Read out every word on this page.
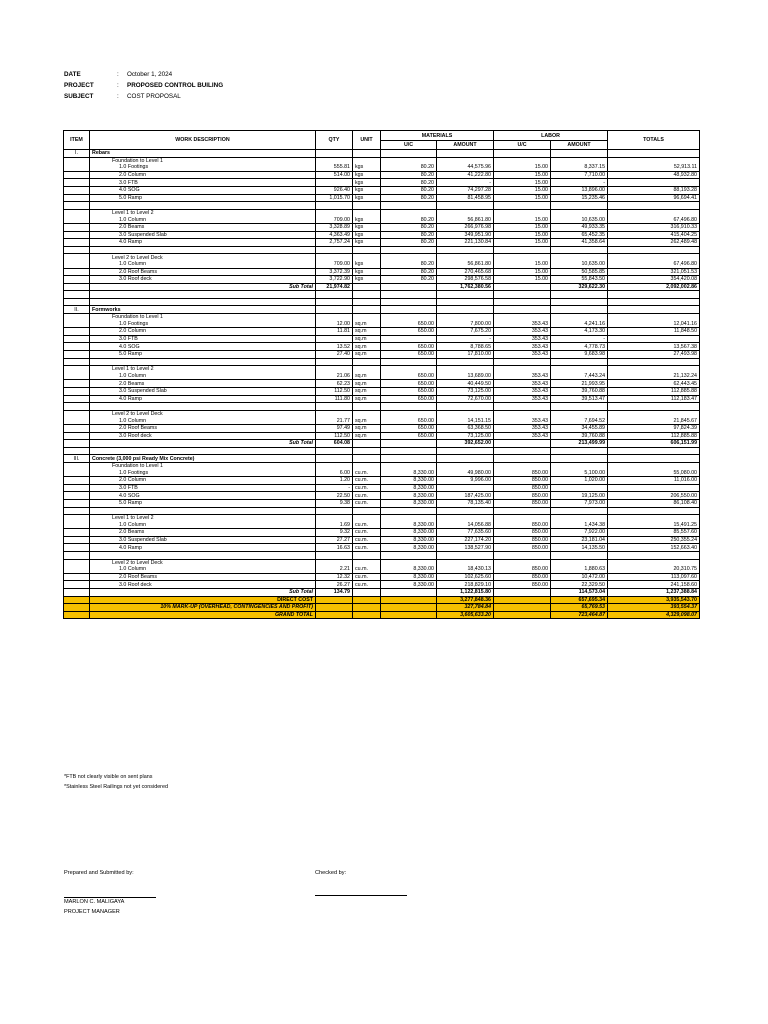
DATE	:	October 1, 2024
PROJECT	:	PROPOSED CONTROL BUILING
SUBJECT	:	COST PROPOSAL
ITEM	WORK DESCRIPTION	QTY	UNIT	MATERIALS		LABOR		TOTALS
				U/C	AMOUNT	U/C	AMOUNT	
I.	Rebars							
	Foundation to Level 1							
	1.0 Footings	555.81	kgs	80.20	44,575.96	15.00	8,337.15	52,913.11
	2.0 Column	514.00	kgs	80.20	41,222.80	15.00	7,710.00	48,932.80
	3.0 FTB		kgs	80.20	-	15.00	-	
	4.0 SOG	926.40	kgs	80.20	74,297.28	15.00	13,896.00	88,193.28
	5.0 Ramp	1,015.70	kgs	80.20	81,458.95	15.00	15,235.46	96,694.41

	Level 1 to Level 2							
	1.0 Column	709.00	kgs	80.20	56,861.80	15.00	10,635.00	67,496.80
	2.0 Beams	3,328.89	kgs	80.20	266,976.98	15.00	49,933.35	316,910.33
	3.0 Suspended Slab	4,363.49	kgs	80.20	349,951.90	15.00	65,452.35	415,404.25
	4.0 Ramp	2,757.24	kgs	80.20	221,130.84	15.00	41,358.64	262,489.48

	Level 2 to Level Deck							
	1.0 Column	709.00	kgs	80.20	56,861.80	15.00	10,635.00	67,496.80
	2.0 Roof Beams	3,372.39	kgs	80.20	270,465.68	15.00	50,585.85	321,051.53
	3.0 Roof deck	3,722.90	kgs	80.20	298,576.58	15.00	55,843.50	354,420.08
	Sub Total	21,974.82			1,762,380.56		329,622.30	2,092,002.86

II.	Formworks							
	Foundation to Level 1							
	1.0 Footings	12.00	sq.m	650.00	7,800.00	353.43	4,241.16	12,041.16
	2.0 Column	11.81	sq.m	650.00	7,675.20	353.43	4,173.30	11,848.50
	3.0 FTB		sq.m		-	353.43	-	
	4.0 SOG	13.52	sq.m	650.00	8,788.65	353.43	4,778.73	13,567.38
	5.0 Ramp	27.40	sq.m	650.00	17,810.00	353.43	9,683.98	27,493.98

	Level 1 to Level 2							
	1.0 Column	21.06	sq.m	650.00	13,689.00	353.43	7,443.24	21,132.24
	2.0 Beams	62.23	sq.m	650.00	40,449.50	353.43	21,993.95	62,443.45
	3.0 Suspended Slab	112.50	sq.m	650.00	73,125.00	353.43	39,760.88	112,885.88
	4.0 Ramp	111.80	sq.m	650.00	72,670.00	353.43	39,513.47	112,183.47

	Level 2 to Level Deck							
	1.0 Column	21.77	sq.m	650.00	14,151.15	353.43	7,694.52	21,845.67
	2.0 Roof Beams	97.49	sq.m	650.00	63,368.50	353.43	34,455.89	97,824.39
	3.0 Roof deck	112.50	sq.m	650.00	73,125.00	353.43	39,760.88	112,885.88
	Sub Total	604.08			392,652.00		213,499.99	606,151.99

III.	Concrete (3,000 psi Ready Mix Concrete)							
	Foundation to Level 1							
	1.0 Footings	6.00	cu.m.	8,330.00	49,980.00	850.00	5,100.00	55,080.00
	2.0 Column	1.20	cu.m.	8,330.00	9,996.00	850.00	1,020.00	11,016.00
	3.0 FTB	-	cu.m.	8,330.00		850.00		
	4.0 SOG	22.50	cu.m.	8,330.00	187,425.00	850.00	19,125.00	206,550.00
	5.0 Ramp	9.38	cu.m.	8,330.00	78,135.40	850.00	7,973.00	86,108.40

	Level 1 to Level 2							
	1.0 Column	1.69	cu.m.	8,330.00	14,056.88	850.00	1,434.38	15,491.25
	2.0 Beams	9.32	cu.m.	8,330.00	77,635.60	850.00	7,922.00	85,557.60
	3.0 Suspended Slab	27.27	cu.m.	8,330.00	227,174.20	850.00	23,181.04	250,355.24
	4.0 Ramp	16.63	cu.m.	8,330.00	138,527.90	850.00	14,135.50	152,663.40

	Level 2 to Level Deck							
	1.0 Column	2.21	cu.m.	8,330.00	18,430.13	850.00	1,880.63	20,310.75
	2.0 Roof Beams	12.32	cu.m.	8,330.00	102,625.60	850.00	10,472.00	113,097.60
	3.0 Roof deck	26.27	cu.m.	8,330.00	218,829.10	850.00	22,329.50	241,158.60
	Sub Total	134.79			1,122,815.80		114,573.04	1,237,388.84
	DIRECT COST				3,277,848.36		657,695.34	3,935,543.70
	10% MARK-UP (OVERHEAD, CONTINGENCIES AND PROFIT)				327,784.84		65,769.53	393,554.37
	GRAND TOTAL				3,605,633.20		723,464.87	4,329,098.07
*FTB not clearly visible on sent plans
*Stainless Steel Railings not yet considered
Prepared and Submitted by:	Checked by:
MARLON C. MALIGAYA
PROJECT MANAGER
